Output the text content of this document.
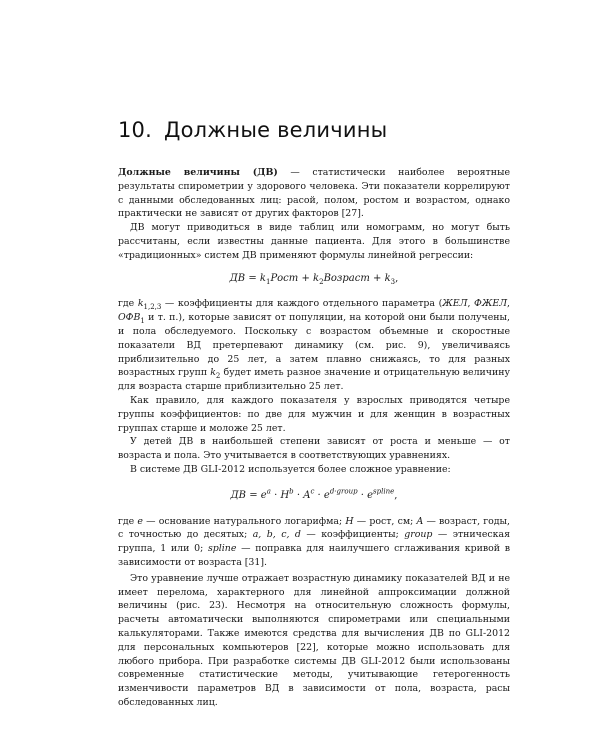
10. Должные величины

Должные величины (ДВ) — статистически наиболее вероятные результаты спирометрии у здорового человека. Эти показатели коррелируют с данными обследованных лиц: расой, полом, ростом и возрастом, однако практически не зависят от других факторов [27].

ДВ могут приводиться в виде таблиц или номограмм, но могут быть рассчитаны, если известны данные пациента. Для этого в большинстве «традиционных» систем ДВ применяют формулы линейной регрессии:

ДВ = $k_1Рост$ + $k_2Возраст + k_3$,

где $k_{1,2,3}$ — коэффициенты для каждого отдельного параметра (ЖЕЛ, ФЖЕЛ, $ОФВ_1$ и т. п.), которые зависят от популяции, на которой они были получены, и пола обследуемого. Поскольку с возрастом объемные и скоростные показатели ВД претерпевают динамику (см. рис. 9), увеличиваясь приблизительно до 25 лет, а затем плавно снижаясь, то для разных возрастных групп $k_2$ будет иметь разное значение и отрицательную величину для возраста старше приблизительно 25 лет.

Как правило, для каждого показателя у взрослых приводятся четыре группы коэффициентов: по две для мужчин и для женщин в возрастных группах старше и моложе 25 лет.

У детей ДВ в наибольшей степени зависят от роста и меньше — от возраста и пола. Это учитывается в соответствующих уравнениях.

В системе ДВ GLI-2012 используется более сложное уравнение:

ДВ = $e^a \cdot H^b \cdot A^c \cdot e^{d\cdot group} \cdot e^{spline}$,

где e — основание натурального логарифма; H — рост, см; A — возраст, годы, с точностью до десятых; a, b, c, d — коэффициенты; group — этническая группа, 1 или 0; spline — поправка для наилучшего сглаживания кривой в зависимости от возраста [31].

Это уравнение лучше отражает возрастную динамику показателей ВД и не имеет перелома, характерного для линейной аппроксимации должной величины (рис. 23). Несмотря на относительную сложность формулы, расчеты автоматически выполняются спирометрами или специальными калькуляторами. Также имеются средства для вычисления ДВ по GLI-2012 для персональных компьютеров [22], которые можно использовать для любого прибора. При разработке системы ДВ GLI-2012 были использованы современные статистические методы, учитывающие гетерогенность изменчивости параметров ВД в зависимости от пола, возраста, расы обследованных лиц.
